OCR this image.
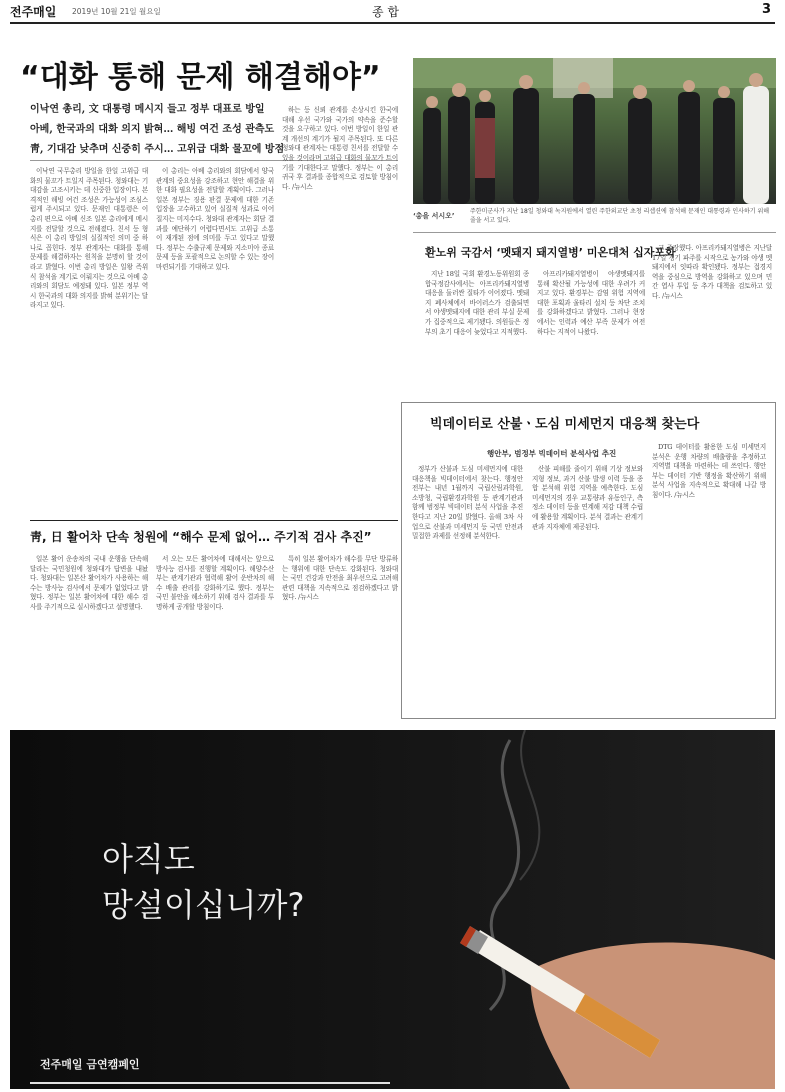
전주매일 2019년 10월 21일 월요일	종 합	3
“대화 통해 문제 해결해야”
이낙연 총리, 文 대통령 메시지 들고 정부 대표로 방일
아베, 한국과의 대화 의지 밝혀… 해빙 여건 조성 관측도
靑, 기대감 낮추며 신중히 주시… 고위급 대화 물꼬에 방점

이낙연 국무총리 방일을 한일 고위급 대화의 물꼬가 트일지 주목된다. 청와대는 기대감을 고조시키는 데 신중한 입장이다. 본격적인 해빙 여건 조성은 가능성이 조심스럽게 주시되고 있다. 문재인 대통령은 이 총리 편으로 아베 신조 일본 총리에게 메시지를 전달할 것으로 전해졌다. 친서 등 형식은 이 총리 방일의 실질적인 의미 중 하나로 꼽힌다. 정부 관계자는 대화를 통해 문제를 해결하자는 원칙을 분명히 할 것이라고 밝혔다. 이번 총리 방일은 일왕 즉위식 참석을 계기로 이뤄지는 것으로 아베 총리와의 회담도 예정돼 있다. 일본 정부 역시 한국과의 대화 의지를 밝혀 분위기는 달라지고 있다.

이 총리는 아베 총리와의 회담에서 양국 관계의 중요성을 강조하고 현안 해결을 위한 대화 필요성을 전달할 계획이다. 그러나 일본 정부는 징용 판결 문제에 대한 기존 입장을 고수하고 있어 실질적 성과로 이어질지는 미지수다. 청와대 관계자는 회담 결과를 예단하기 어렵다면서도 고위급 소통이 재개된 점에 의미를 두고 있다고 말했다. 정부는 수출규제 문제와 지소미아 종료 문제 등을 포괄적으로 논의할 수 있는 장이 마련되기를 기대하고 있다.

하는 등 신뢰 관계를 손상시킨 한국에 대해 우선 국가와 국가의 약속을 준수할 것을 요구하고 있다. 이번 방일이 한일 관계 개선의 계기가 될지 주목된다. 또 다른 청와대 관계자는 대통령 친서를 전달할 수 있을 것이라며 고위급 대화의 물꼬가 트이기를 기대한다고 말했다. 정부는 이 총리 귀국 후 결과를 종합적으로 검토할 방침이다. /뉴시스

‘총을 서시오’
주한미군사가 지난 18일 청와대 녹지원에서 열린 주한외교단 초청 리셉션에 참석해 문재인 대통령과 인사하기 위해 줄을 서고 있다.
환노위 국감서 ‘멧돼지 돼지열병’ 미온대처 십자포화

지난 18일 국회 환경노동위원회 종합국정감사에서는 아프리카돼지열병 대응을 둘러싼 질타가 이어졌다. 멧돼지 폐사체에서 바이러스가 검출되면서 야생멧돼지에 대한 관리 부실 문제가 집중적으로 제기됐다. 의원들은 정부의 초기 대응이 늦었다고 지적했다.

아프리카돼지열병이 야생멧돼지를 통해 확산될 가능성에 대한 우려가 커지고 있다. 환경부는 감염 위험 지역에 대한 포획과 울타리 설치 등 차단 조치를 강화하겠다고 밝혔다. 그러나 현장에서는 인력과 예산 부족 문제가 여전하다는 지적이 나왔다.

고 주장했다. 아프리카돼지열병은 지난달 17일 경기 파주를 시작으로 농가와 야생 멧돼지에서 잇따라 확인됐다. 정부는 접경지역을 중심으로 방역을 강화하고 있으며 민간 엽사 투입 등 추가 대책을 검토하고 있다. /뉴시스

빅데이터로 산불ㆍ도심 미세먼지 대응책 찾는다
행안부, 범정부 빅데이터 분석사업 추진

정부가 산불과 도심 미세먼지에 대한 대응책을 빅데이터에서 찾는다. 행정안전부는 내년 1월까지 국립산림과학원, 소방청, 국립환경과학원 등 관계기관과 함께 범정부 빅데이터 분석 사업을 추진한다고 지난 20일 밝혔다. 올해 3차 사업으로 산불과 미세먼지 등 국민 안전과 밀접한 과제를 선정해 분석한다.

산불 피해를 줄이기 위해 기상 정보와 지형 정보, 과거 산불 발생 이력 등을 종합 분석해 위험 지역을 예측한다. 도심 미세먼지의 경우 교통량과 유동인구, 측정소 데이터 등을 연계해 저감 대책 수립에 활용할 계획이다. 분석 결과는 관계기관과 지자체에 제공된다.

DTG 데이터를 활용한 도심 미세먼지 분석은 운행 차량의 배출량을 추정하고 지역별 대책을 마련하는 데 쓰인다. 행안부는 데이터 기반 행정을 확산하기 위해 분석 사업을 지속적으로 확대해 나갈 방침이다. /뉴시스

靑, 日 활어차 단속 청원에 “해수 문제 없어… 주기적 검사 추진”

일본 활어 운송차의 국내 운행을 단속해달라는 국민청원에 청와대가 답변을 내놨다. 청와대는 일본산 활어차가 사용하는 해수는 방사능 검사에서 문제가 없었다고 밝혔다. 정부는 일본 활어차에 대한 해수 검사를 주기적으로 실시하겠다고 설명했다.

서 오는 모든 활어차에 대해서는 앞으로 방사능 검사를 진행할 계획이다. 해양수산부는 관계기관과 협력해 활어 운반차의 해수 배출 관리를 강화하기로 했다. 정부는 국민 불안을 해소하기 위해 검사 결과를 투명하게 공개할 방침이다.

특히 일본 활어차가 해수를 무단 방류하는 행위에 대한 단속도 강화된다. 청와대는 국민 건강과 안전을 최우선으로 고려해 관련 대책을 지속적으로 점검하겠다고 밝혔다. /뉴시스

아직도
망설이십니까?
전주매일 금연캠페인
